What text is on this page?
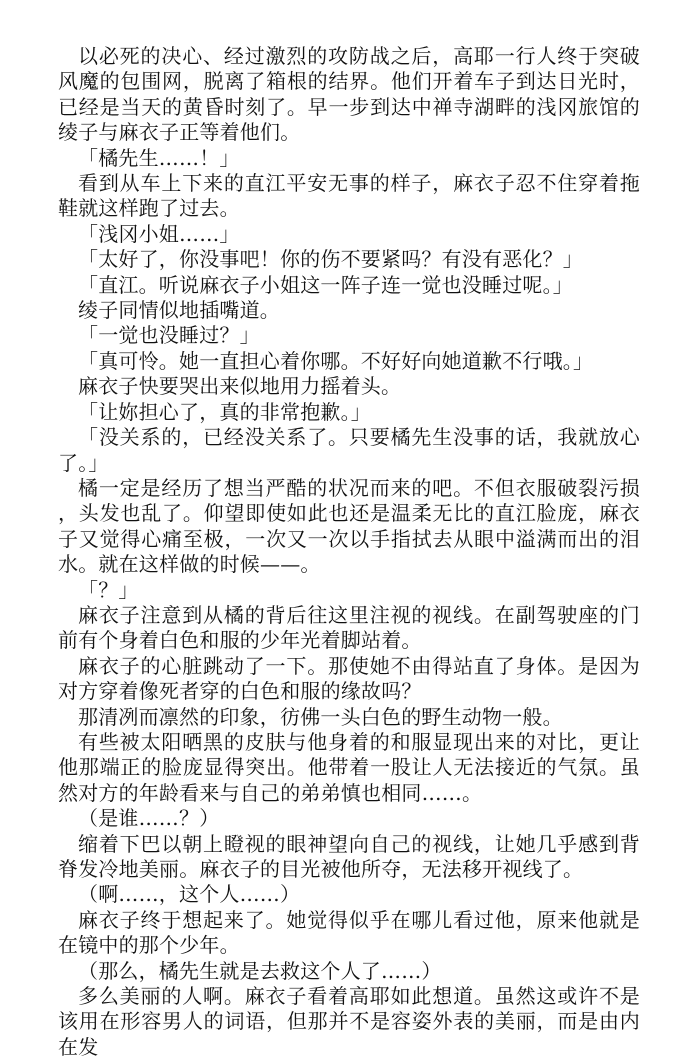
以必死的决心、经过激烈的攻防战之后，高耶一行人终于突破风魔的包围网，脱离了箱根的结界。他们开着车子到达日光时，已经是当天的黄昏时刻了。早一步到达中禅寺湖畔的浅冈旅馆的绫子与麻衣子正等着他们。

「橘先生……！」

看到从车上下来的直江平安无事的样子，麻衣子忍不住穿着拖鞋就这样跑了过去。

「浅冈小姐……」

「太好了，你没事吧！你的伤不要紧吗？有没有恶化？」

「直江。听说麻衣子小姐这一阵子连一觉也没睡过呢。」

绫子同情似地插嘴道。

「一觉也没睡过？」

「真可怜。她一直担心着你哪。不好好向她道歉不行哦。」

麻衣子快要哭出来似地用力摇着头。

「让妳担心了，真的非常抱歉。」

「没关系的，已经没关系了。只要橘先生没事的话，我就放心了。」

橘一定是经历了想当严酷的状况而来的吧。不但衣服破裂污损，头发也乱了。仰望即使如此也还是温柔无比的直江脸庞，麻衣子又觉得心痛至极，一次又一次以手指拭去从眼中溢满而出的泪水。就在这样做的时候——。

「？」

麻衣子注意到从橘的背后往这里注视的视线。在副驾驶座的门前有个身着白色和服的少年光着脚站着。

麻衣子的心脏跳动了一下。那使她不由得站直了身体。是因为对方穿着像死者穿的白色和服的缘故吗？

那清冽而凛然的印象，彷佛一头白色的野生动物一般。

有些被太阳晒黑的皮肤与他身着的和服显现出来的对比，更让他那端正的脸庞显得突出。他带着一股让人无法接近的气氛。虽然对方的年龄看来与自己的弟弟慎也相同……。

（是谁……？）

缩着下巴以朝上瞪视的眼神望向自己的视线，让她几乎感到背脊发冷地美丽。麻衣子的目光被他所夺，无法移开视线了。

（啊……，这个人……）

麻衣子终于想起来了。她觉得似乎在哪儿看过他，原来他就是在镜中的那个少年。

（那么，橘先生就是去救这个人了……）

多么美丽的人啊。麻衣子看着高耶如此想道。虽然这或许不是该用在形容男人的词语，但那并不是容姿外表的美丽，而是由内在发
